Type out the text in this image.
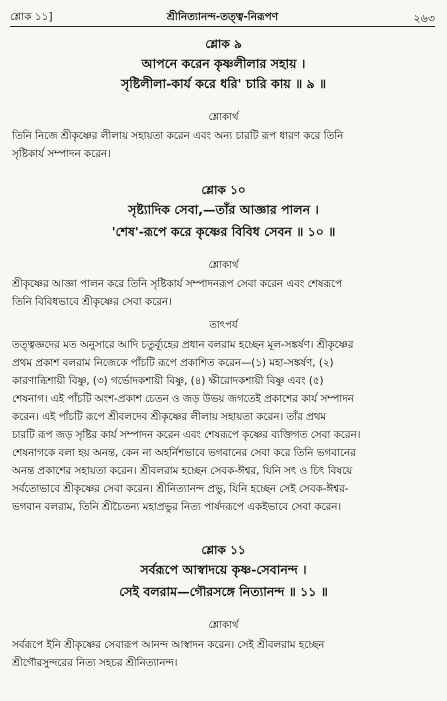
শ্লোক ১১]	শ্রীনিত্যানন্দ-তত্ত্ব-নিরূপণ	২৬৩
শ্লোক ৯
আপনে করেন কৃষ্ণলীলার সহায় ।
সৃষ্টিলীলা-কার্য করে ধরি' চারি কায় ॥ ৯ ॥
শ্লোকার্থ
তিনি নিজে শ্রীকৃষ্ণের লীলায় সহায়তা করেন এবং অন্য চারটি রূপ ধারণ করে তিনি
সৃষ্টিকার্য সম্পাদন করেন।
শ্লোক ১০
সৃষ্ট্যাদিক সেবা,—তাঁর আজ্ঞার পালন ।
'শেষ'-রূপে করে কৃষ্ণের বিবিধ সেবন ॥ ১০ ॥
শ্লোকার্থ
শ্রীকৃষ্ণের আজ্ঞা পালন করে তিনি সৃষ্টিকার্য সম্পাদনরূপ সেবা করেন এবং শেষরূপে
তিনি বিবিধভাবে শ্রীকৃষ্ণের সেবা করেন।
তাৎপর্য
তত্ত্বজ্ঞদের মত অনুসারে আদি চতুর্ব্যূহের প্রধান বলরাম হচ্ছেন মূল-সঙ্কর্ষণ। শ্রীকৃষ্ণের
প্রথম প্রকাশ বলরাম নিজেকে পাঁচটি রূপে প্রকাশিত করেন—(১) মহা-সঙ্কর্ষণ, (২)
কারণাব্ধিশায়ী বিষ্ণু, (৩) গর্ভোদকশায়ী বিষ্ণু, (৪) ক্ষীরোদকশায়ী বিষ্ণু এবং (৫)
শেষনাগ। এই পাঁচটি অংশ-প্রকাশ চেতন ও জড় উভয় জগতেই প্রকাশের কার্য সম্পাদন
করেন। এই পাঁচটি রূপে শ্রীবলদেব শ্রীকৃষ্ণের লীলায় সহায়তা করেন। তাঁর প্রথম
চারটি রূপ জড় সৃষ্টির কার্য সম্পাদন করেন এবং শেষরূপে কৃষ্ণের ব্যক্তিগত সেবা করেন।
শেষনাগকে বলা হয় অনন্ত, কেন না অহর্নিশভাবে ভগবানের সেবা করে তিনি ভগবানের
অনন্ত প্রকাশের সহায়তা করেন। শ্রীবলরাম হচ্ছেন সেবক-ঈশ্বর, যিনি সৎ ও চিৎ বিষয়ে
সর্বতোভাবে শ্রীকৃষ্ণের সেবা করেন। শ্রীনিত্যানন্দ প্রভু, যিনি হচ্ছেন সেই সেবক-ঈশ্বর-
ভগবান বলরাম, তিনি শ্রীচৈতন্য মহাপ্রভুর নিত্য পার্ষদরূপে একইভাবে সেবা করেন।
শ্লোক ১১
সর্বরূপে আস্বাদয়ে কৃষ্ণ-সেবানন্দ ।
সেই বলরাম—গৌরসঙ্গে নিত্যানন্দ ॥ ১১ ॥
শ্লোকার্থ
সর্বরূপে ইনি শ্রীকৃষ্ণের সেবারূপ আনন্দ আস্বাদন করেন। সেই শ্রীবলরাম হচ্ছেন
শ্রীগৌরসুন্দরের নিত্য সহচর শ্রীনিত্যানন্দ।
